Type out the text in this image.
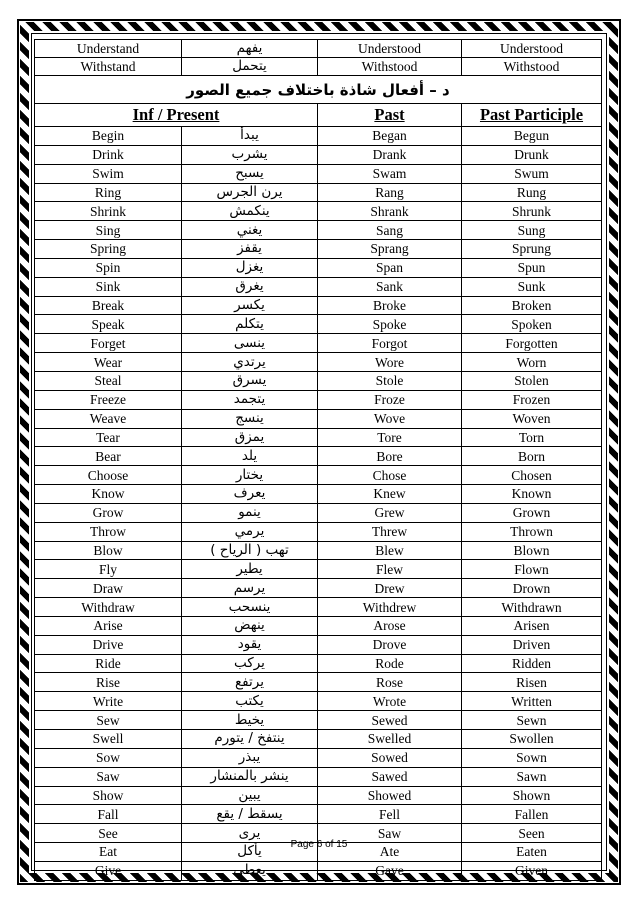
Understand	يفهم	Understood	Understood
Withstand	يتحمل	Withstood	Withstood
د – أفعال شاذة باختلاف جميع الصور			
Inf / Present		Past	Past Participle
Begin	يبدأ	Began	Begun
Drink	يشرب	Drank	Drunk
Swim	يسبح	Swam	Swum
Ring	يرن الجرس	Rang	Rung
Shrink	ينكمش	Shrank	Shrunk
Sing	يغني	Sang	Sung
Spring	يقفز	Sprang	Sprung
Spin	يغزل	Span	Spun
Sink	يغرق	Sank	Sunk
Break	يكسر	Broke	Broken
Speak	يتكلم	Spoke	Spoken
Forget	ينسى	Forgot	Forgotten
Wear	يرتدي	Wore	Worn
Steal	يسرق	Stole	Stolen
Freeze	يتجمد	Froze	Frozen
Weave	ينسج	Wove	Woven
Tear	يمزق	Tore	Torn
Bear	يلد	Bore	Born
Choose	يختار	Chose	Chosen
Know	يعرف	Knew	Known
Grow	ينمو	Grew	Grown
Throw	يرمي	Threw	Thrown
Blow	تهب ( الرياح )	Blew	Blown
Fly	يطير	Flew	Flown
Draw	يرسم	Drew	Drown
Withdraw	ينسحب	Withdrew	Withdrawn
Arise	ينهض	Arose	Arisen
Drive	يقود	Drove	Driven
Ride	يركب	Rode	Ridden
Rise	يرتفع	Rose	Risen
Write	يكتب	Wrote	Written
Sew	يخيط	Sewed	Sewn
Swell	ينتفخ / يتورم	Swelled	Swollen
Sow	يبذر	Sowed	Sown
Saw	ينشر بالمنشار	Sawed	Sawn
Show	يبين	Showed	Shown
Fall	يسقط / يقع	Fell	Fallen
See	يرى	Saw	Seen
Eat	يأكل	Ate	Eaten
Give	يعطي	Gave	Given
Page 6 of 15
